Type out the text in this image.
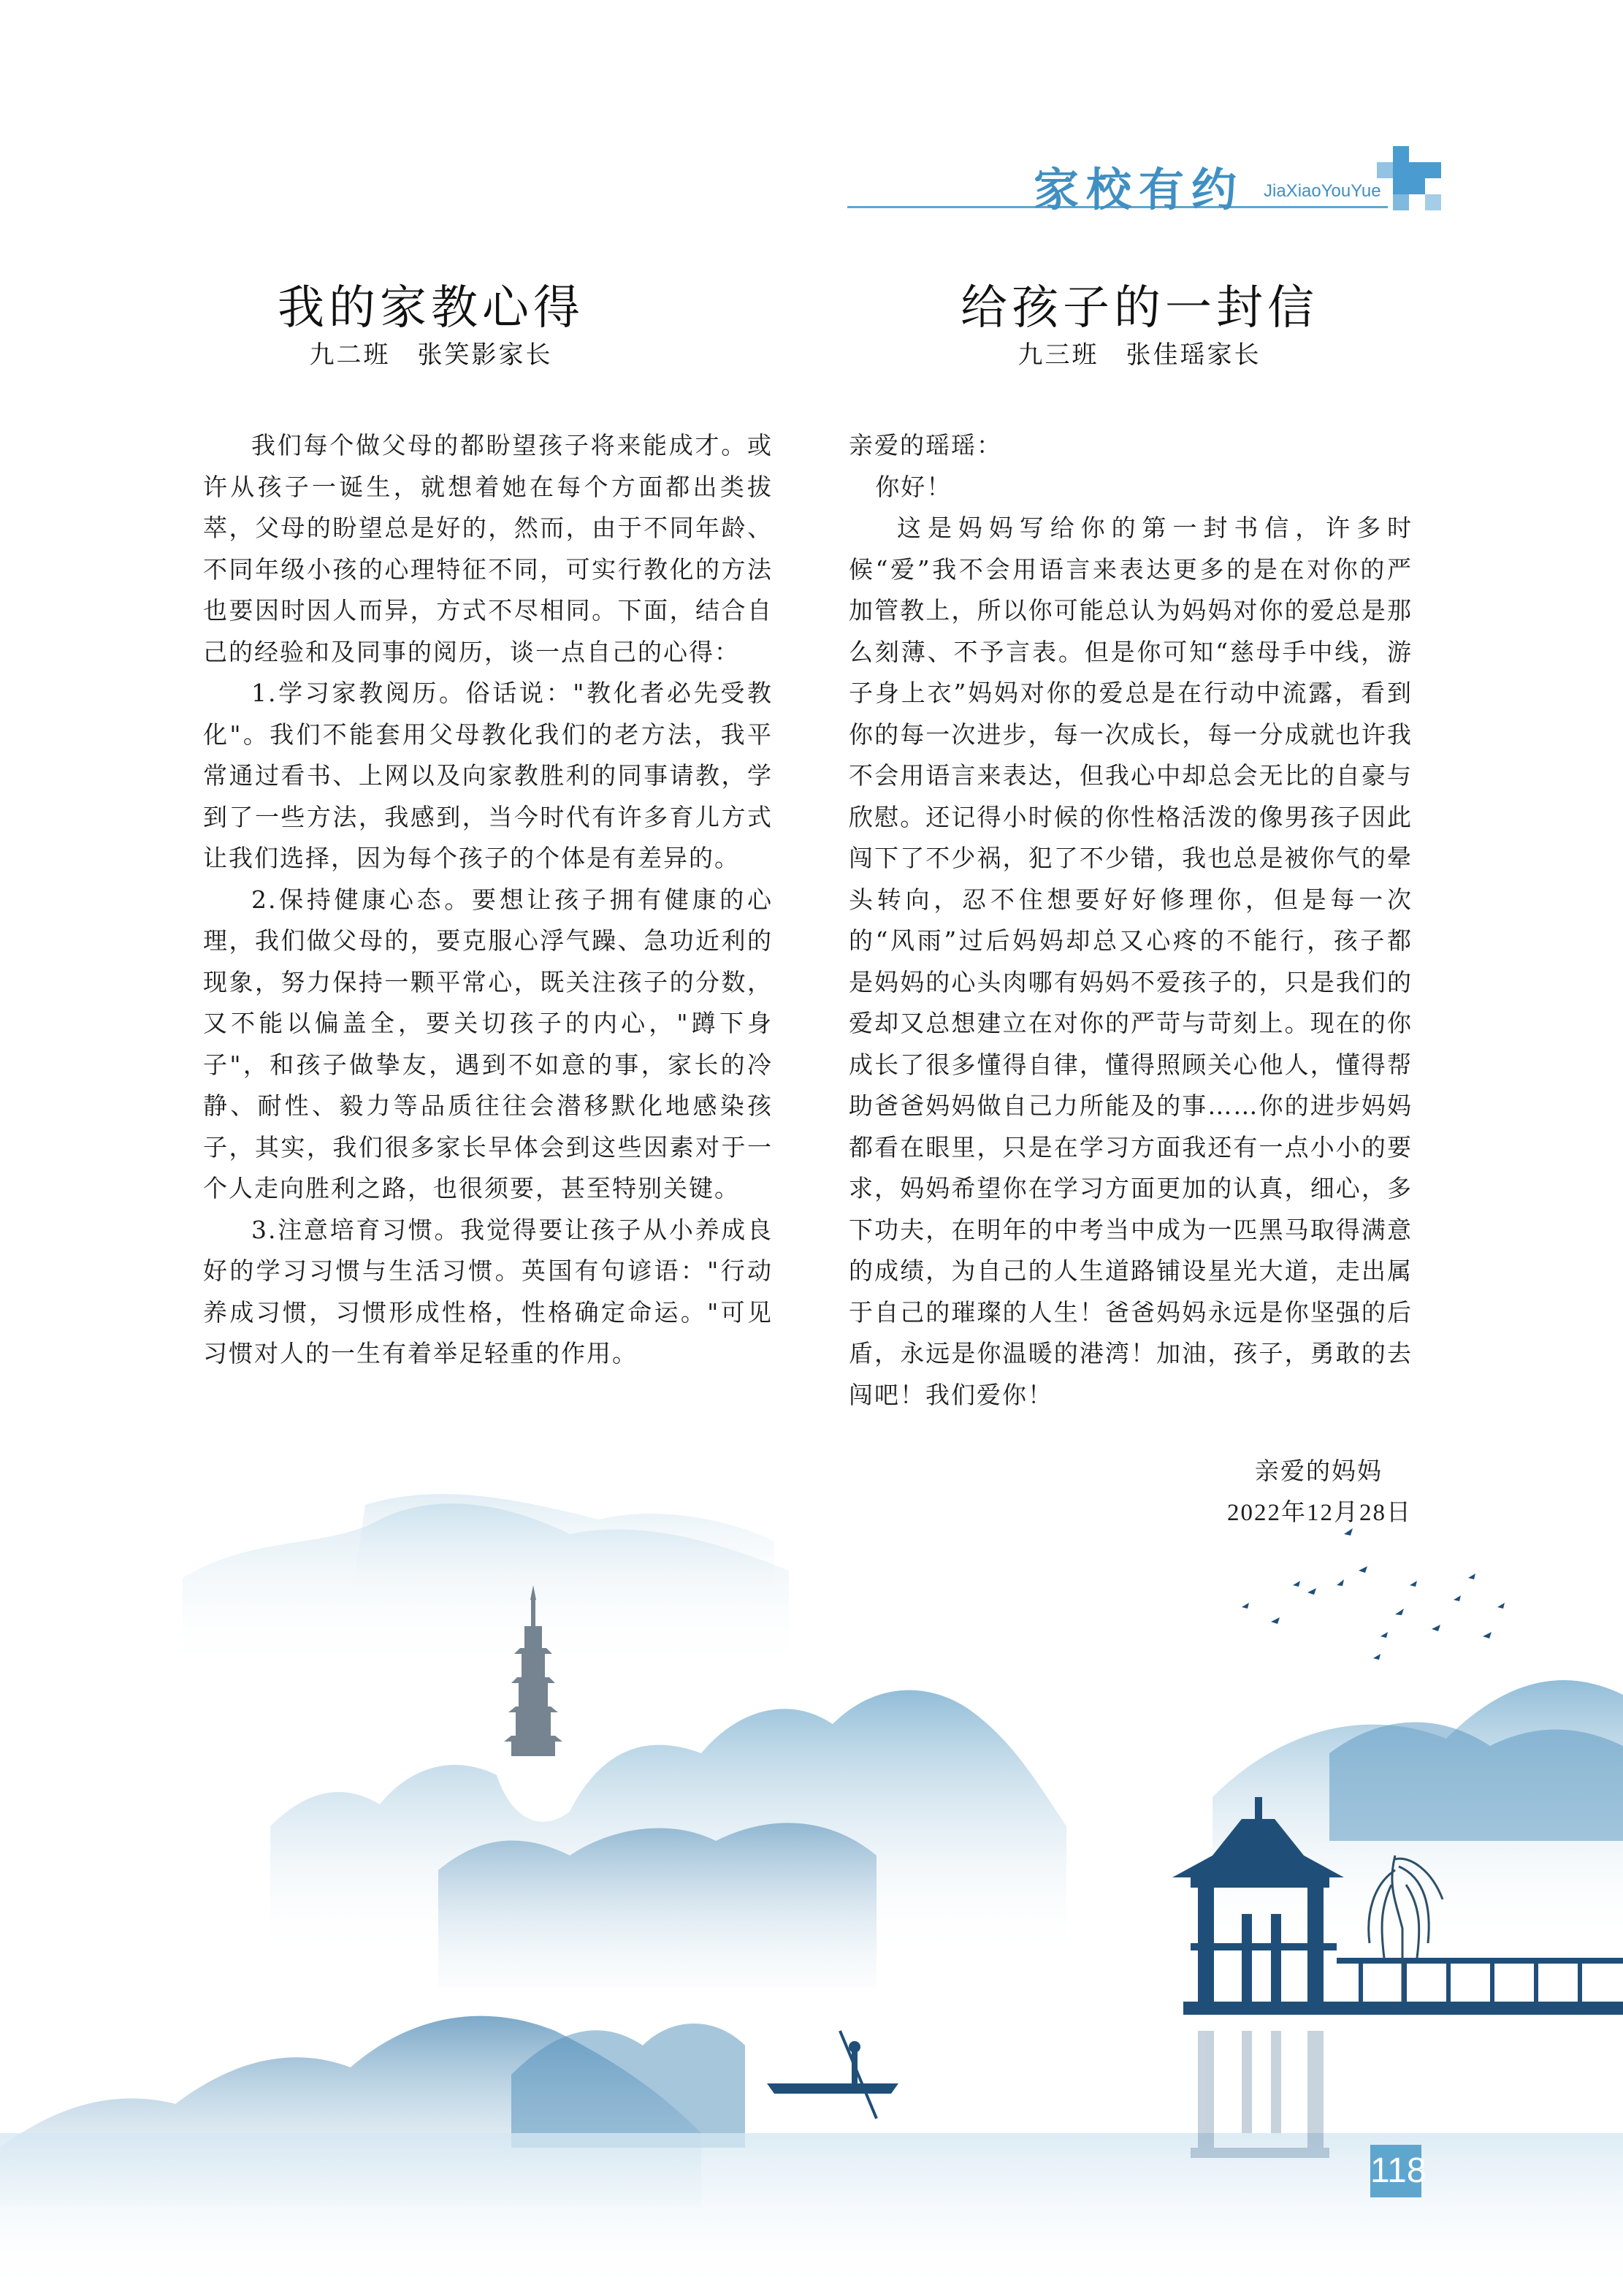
家校有约 JiaXiaoYouYue
我的家教心得
九二班　张笑影家长

我们每个做父母的都盼望孩子将来能成才。或许从孩子一诞生，就想着她在每个方面都出类拔萃，父母的盼望总是好的，然而，由于不同年龄、不同年级小孩的心理特征不同，可实行教化的方法也要因时因人而异，方式不尽相同。下面，结合自己的经验和及同事的阅历，谈一点自己的心得：

1.学习家教阅历。俗话说："教化者必先受教化"。我们不能套用父母教化我们的老方法，我平常通过看书、上网以及向家教胜利的同事请教，学到了一些方法，我感到，当今时代有许多育儿方式让我们选择，因为每个孩子的个体是有差异的。

2.保持健康心态。要想让孩子拥有健康的心理，我们做父母的，要克服心浮气躁、急功近利的现象，努力保持一颗平常心，既关注孩子的分数，又不能以偏盖全，要关切孩子的内心，"蹲下身子"，和孩子做挚友，遇到不如意的事，家长的冷静、耐性、毅力等品质往往会潜移默化地感染孩子，其实，我们很多家长早体会到这些因素对于一个人走向胜利之路，也很须要，甚至特别关键。

3.注意培育习惯。我觉得要让孩子从小养成良好的学习习惯与生活习惯。英国有句谚语："行动养成习惯，习惯形成性格，性格确定命运。"可见习惯对人的一生有着举足轻重的作用。

给孩子的一封信
九三班　张佳瑶家长

亲爱的瑶瑶：

你好！

这是妈妈写给你的第一封书信，许多时候“爱”我不会用语言来表达更多的是在对你的严加管教上，所以你可能总认为妈妈对你的爱总是那么刻薄、不予言表。但是你可知“慈母手中线，游子身上衣”妈妈对你的爱总是在行动中流露，看到你的每一次进步，每一次成长，每一分成就也许我不会用语言来表达，但我心中却总会无比的自豪与欣慰。还记得小时候的你性格活泼的像男孩子因此闯下了不少祸，犯了不少错，我也总是被你气的晕头转向，忍不住想要好好修理你，但是每一次的“风雨”过后妈妈却总又心疼的不能行，孩子都是妈妈的心头肉哪有妈妈不爱孩子的，只是我们的爱却又总想建立在对你的严苛与苛刻上。现在的你成长了很多懂得自律，懂得照顾关心他人，懂得帮助爸爸妈妈做自己力所能及的事……你的进步妈妈都看在眼里，只是在学习方面我还有一点小小的要求，妈妈希望你在学习方面更加的认真，细心，多下功夫，在明年的中考当中成为一匹黑马取得满意的成绩，为自己的人生道路铺设星光大道，走出属于自己的璀璨的人生！爸爸妈妈永远是你坚强的后盾，永远是你温暖的港湾！加油，孩子，勇敢的去闯吧！我们爱你！

亲爱的妈妈
2022年12月28日
118
